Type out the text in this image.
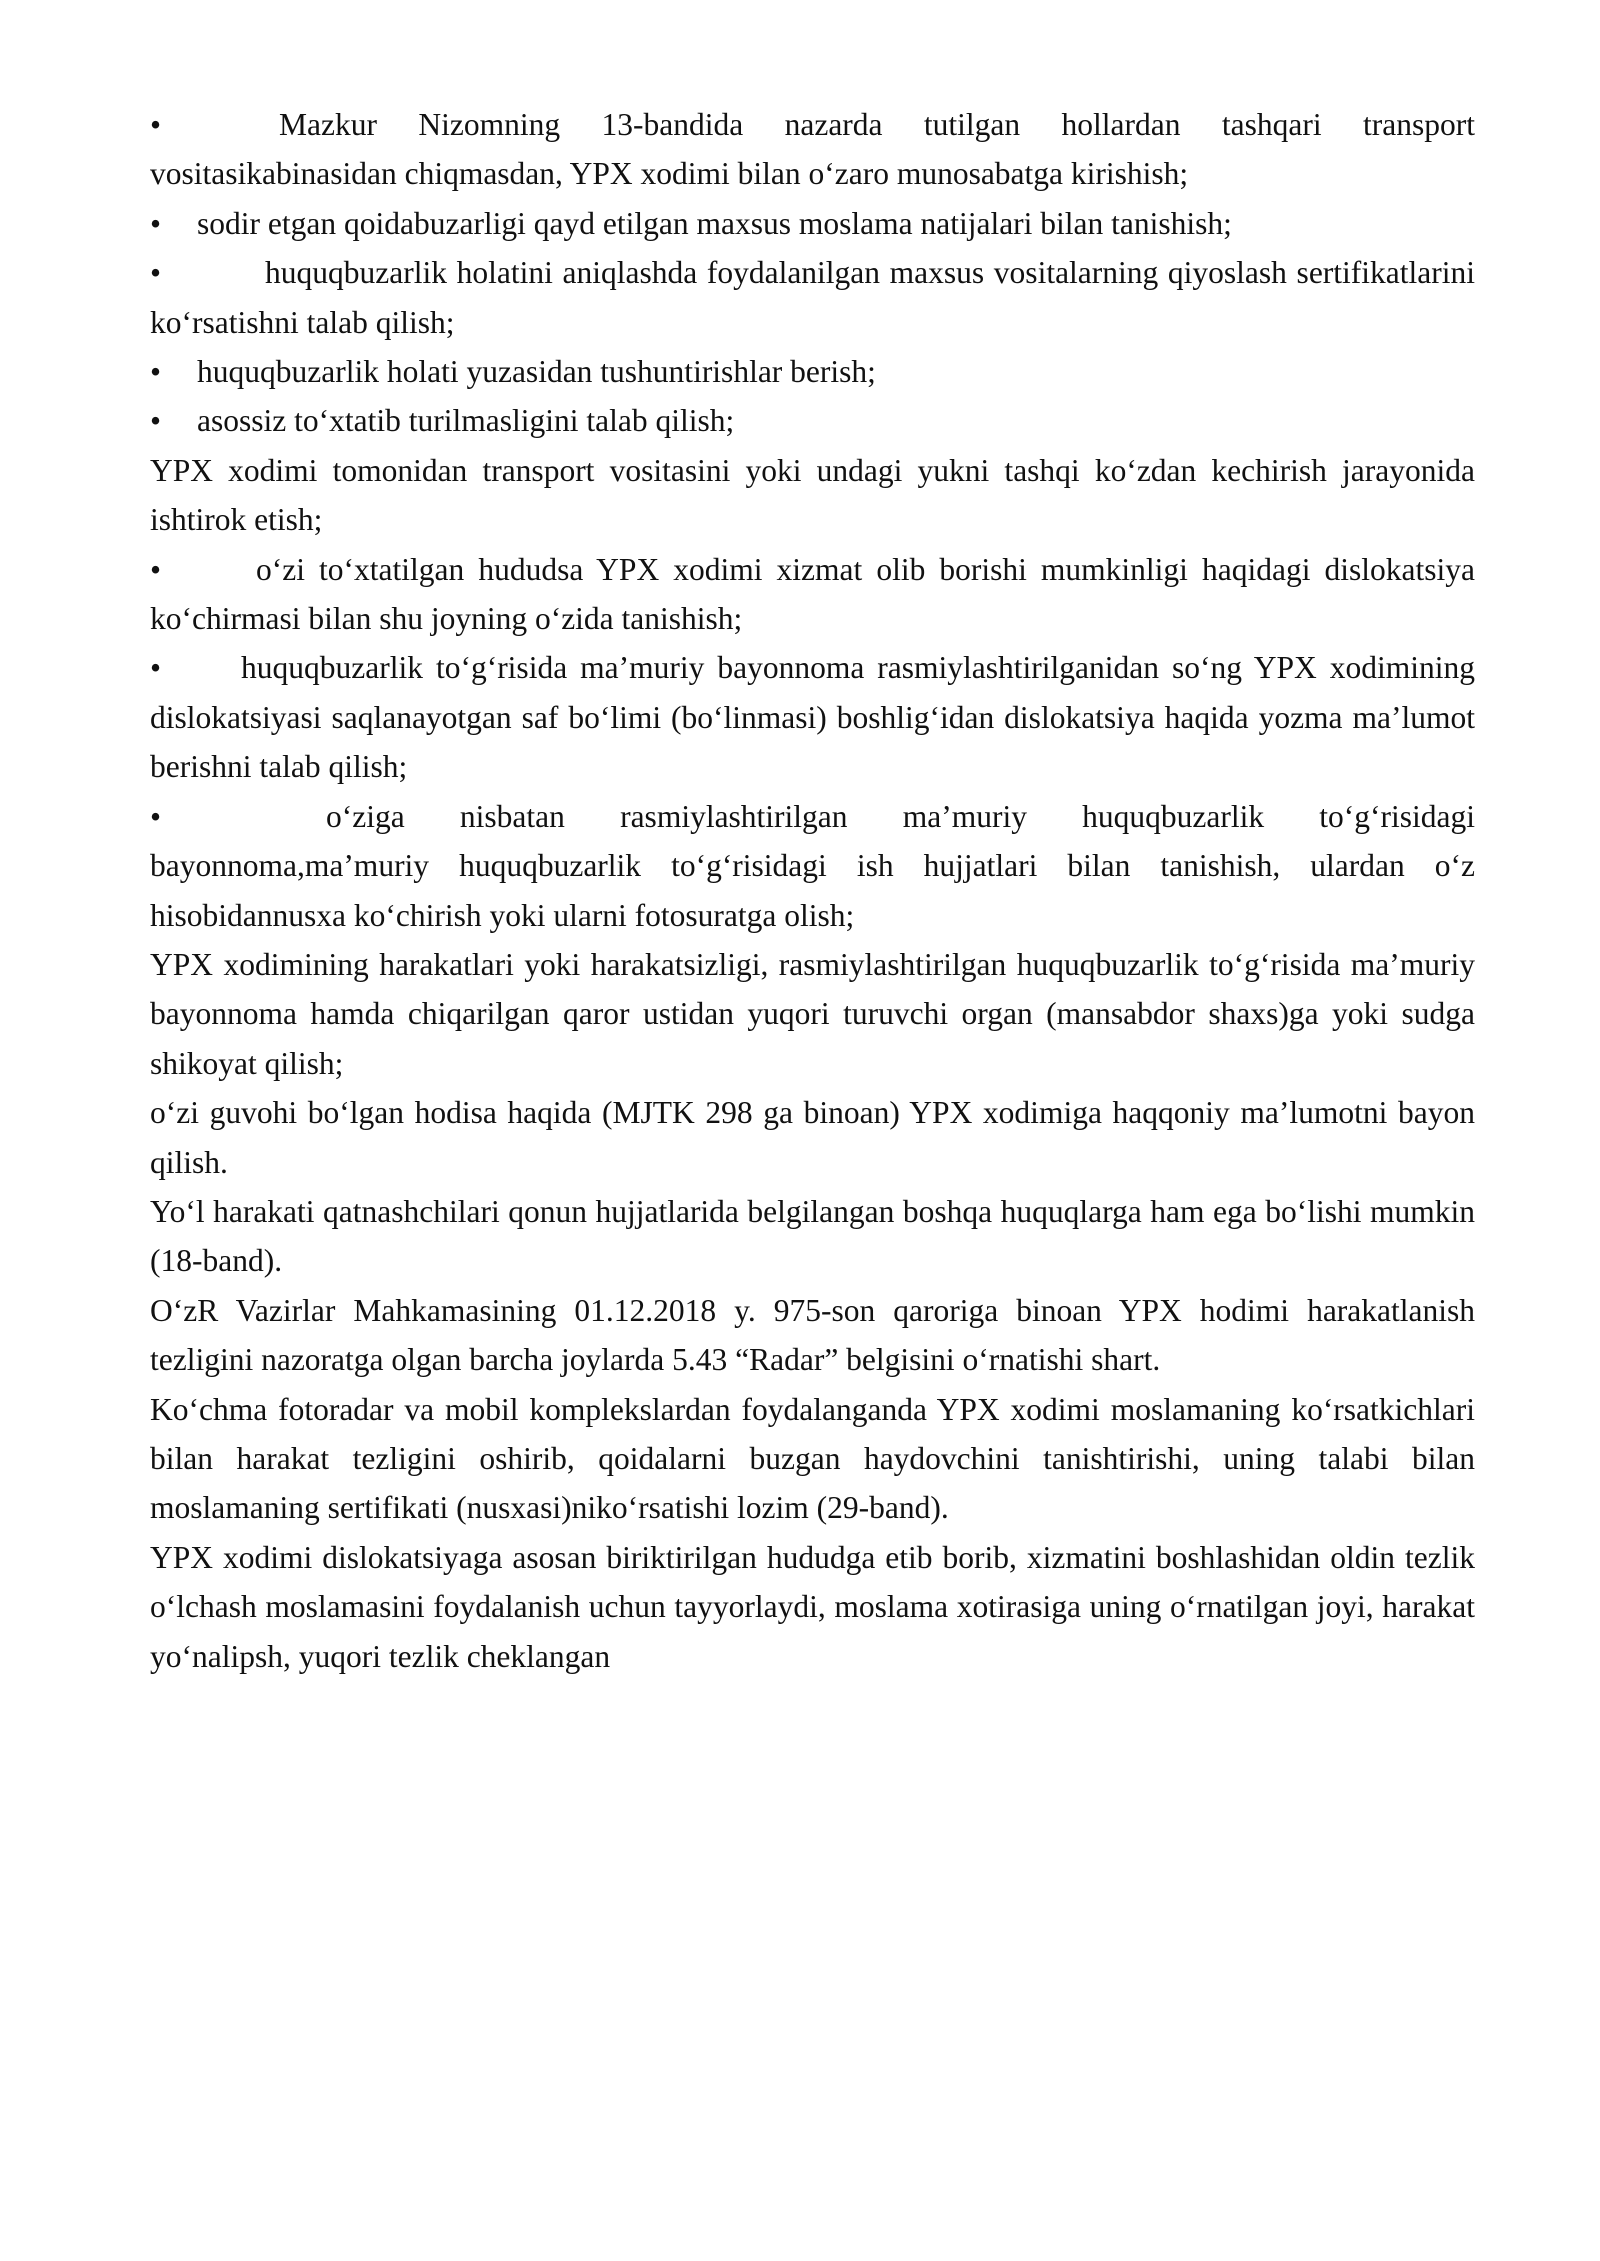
•	Mazkur Nizomning 13-bandida nazarda tutilgan hollardan tashqari transport vositasikabinasidan chiqmasdan, YPX xodimi bilan oʻzaro munosabatga kirishish;

• sodir etgan qoidabuzarligi qayd etilgan maxsus moslama natijalari bilan tanishish;

•	huquqbuzarlik holatini aniqlashda foydalanilgan maxsus vositalarning qiyoslash sertifikatlarini koʻrsatishni talab qilish;

• huquqbuzarlik holati yuzasidan tushuntirishlar berish;

• asossiz toʻxtatib turilmasligini talab qilish;

YPX xodimi tomonidan transport vositasini yoki undagi yukni tashqi koʻzdan kechirish jarayonida ishtirok etish;

•	oʻzi toʻxtatilgan hududsa YPX xodimi xizmat olib borishi mumkinligi haqidagi dislokatsiya koʻchirmasi bilan shu joyning oʻzida tanishish;

•	huquqbuzarlik toʻgʻrisida maʼmuriy bayonnoma rasmiylashtirilganidan soʻng YPX xodimining dislokatsiyasi saqlanayotgan saf boʻlimi (boʻlinmasi) boshligʻidan dislokatsiya haqida yozma maʼlumot berishni talab qilish;

•	oʻziga nisbatan rasmiylashtirilgan maʼmuriy huquqbuzarlik toʻgʻrisidagi bayonnoma,maʼmuriy huquqbuzarlik toʻgʻrisidagi ish hujjatlari bilan tanishish, ulardan oʻz hisobidannusxa koʻchirish yoki ularni fotosuratga olish;

YPX xodimining harakatlari yoki harakatsizligi, rasmiylashtirilgan huquqbuzarlik toʻgʻrisida maʼmuriy bayonnoma hamda chiqarilgan qaror ustidan yuqori turuvchi organ (mansabdor shaxs)ga yoki sudga shikoyat qilish;

oʻzi guvohi boʻlgan hodisa haqida (MJTK 298 ga binoan) YPX xodimiga haqqoniy maʼlumotni bayon qilish.

Yoʻl harakati qatnashchilari qonun hujjatlarida belgilangan boshqa huquqlarga ham ega boʻlishi mumkin (18-band).

OʻzR Vazirlar Mahkamasining 01.12.2018 y. 975-son qaroriga binoan YPX hodimi harakatlanish tezligini nazoratga olgan barcha joylarda 5.43 “Radar” belgisini oʻrnatishi shart.

Koʻchma fotoradar va mobil komplekslardan foydalanganda YPX xodimi moslamaning koʻrsatkichlari bilan harakat tezligini oshirib, qoidalarni buzgan haydovchini tanishtirishi, uning talabi bilan moslamaning sertifikati (nusxasi)nikoʻrsatishi lozim (29-band).

YPX xodimi dislokatsiyaga asosan biriktirilgan hududga etib borib, xizmatini boshlashidan oldin tezlik oʻlchash moslamasini foydalanish uchun tayyorlaydi, moslama xotirasiga uning oʻrnatilgan joyi, harakat yoʻnalipsh, yuqori tezlik cheklangan
